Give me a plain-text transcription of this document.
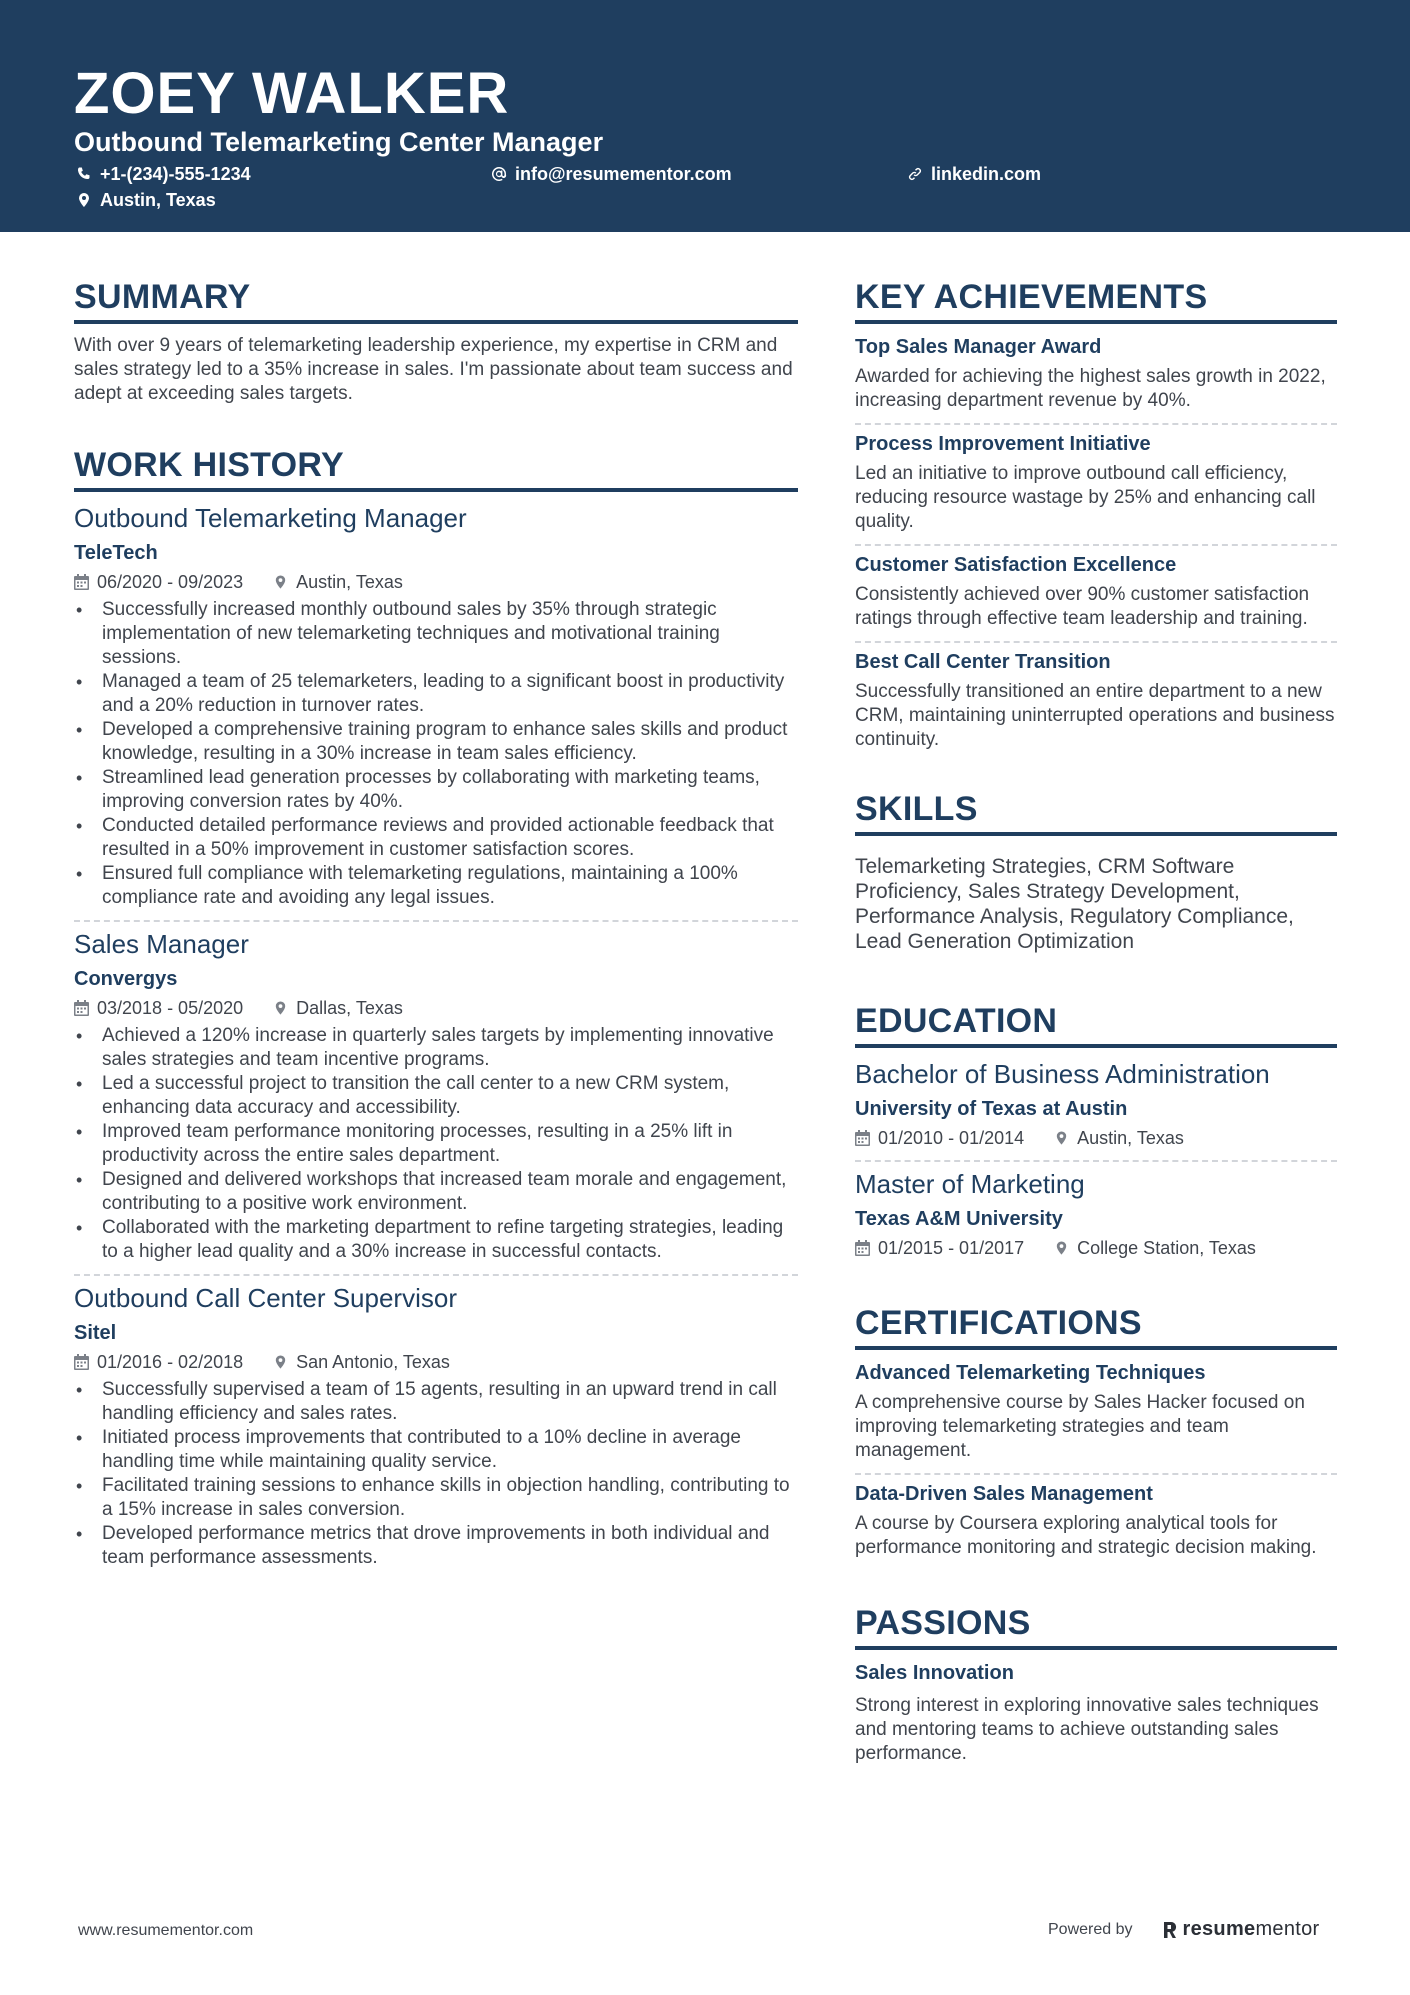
ZOEY WALKER
Outbound Telemarketing Center Manager
+1-(234)-555-1234	info@resumementor.com	linkedin.com
Austin, Texas
SUMMARY
With over 9 years of telemarketing leadership experience, my expertise in CRM and sales strategy led to a 35% increase in sales. I'm passionate about team success and adept at exceeding sales targets.
WORK HISTORY
Outbound Telemarketing Manager
TeleTech
06/2020 - 09/2023	Austin, Texas
• Successfully increased monthly outbound sales by 35% through strategic implementation of new telemarketing techniques and motivational training sessions.
• Managed a team of 25 telemarketers, leading to a significant boost in productivity and a 20% reduction in turnover rates.
• Developed a comprehensive training program to enhance sales skills and product knowledge, resulting in a 30% increase in team sales efficiency.
• Streamlined lead generation processes by collaborating with marketing teams, improving conversion rates by 40%.
• Conducted detailed performance reviews and provided actionable feedback that resulted in a 50% improvement in customer satisfaction scores.
• Ensured full compliance with telemarketing regulations, maintaining a 100% compliance rate and avoiding any legal issues.
Sales Manager
Convergys
03/2018 - 05/2020	Dallas, Texas
• Achieved a 120% increase in quarterly sales targets by implementing innovative sales strategies and team incentive programs.
• Led a successful project to transition the call center to a new CRM system, enhancing data accuracy and accessibility.
• Improved team performance monitoring processes, resulting in a 25% lift in productivity across the entire sales department.
• Designed and delivered workshops that increased team morale and engagement, contributing to a positive work environment.
• Collaborated with the marketing department to refine targeting strategies, leading to a higher lead quality and a 30% increase in successful contacts.
Outbound Call Center Supervisor
Sitel
01/2016 - 02/2018	San Antonio, Texas
• Successfully supervised a team of 15 agents, resulting in an upward trend in call handling efficiency and sales rates.
• Initiated process improvements that contributed to a 10% decline in average handling time while maintaining quality service.
• Facilitated training sessions to enhance skills in objection handling, contributing to a 15% increase in sales conversion.
• Developed performance metrics that drove improvements in both individual and team performance assessments.
KEY ACHIEVEMENTS
Top Sales Manager Award
Awarded for achieving the highest sales growth in 2022, increasing department revenue by 40%.
Process Improvement Initiative
Led an initiative to improve outbound call efficiency, reducing resource wastage by 25% and enhancing call quality.
Customer Satisfaction Excellence
Consistently achieved over 90% customer satisfaction ratings through effective team leadership and training.
Best Call Center Transition
Successfully transitioned an entire department to a new CRM, maintaining uninterrupted operations and business continuity.
SKILLS
Telemarketing Strategies, CRM Software Proficiency, Sales Strategy Development, Performance Analysis, Regulatory Compliance, Lead Generation Optimization
EDUCATION
Bachelor of Business Administration
University of Texas at Austin
01/2010 - 01/2014	Austin, Texas
Master of Marketing
Texas A&M University
01/2015 - 01/2017	College Station, Texas
CERTIFICATIONS
Advanced Telemarketing Techniques
A comprehensive course by Sales Hacker focused on improving telemarketing strategies and team management.
Data-Driven Sales Management
A course by Coursera exploring analytical tools for performance monitoring and strategic decision making.
PASSIONS
Sales Innovation
Strong interest in exploring innovative sales techniques and mentoring teams to achieve outstanding sales performance.
www.resumementor.com	Powered by	resumementor
